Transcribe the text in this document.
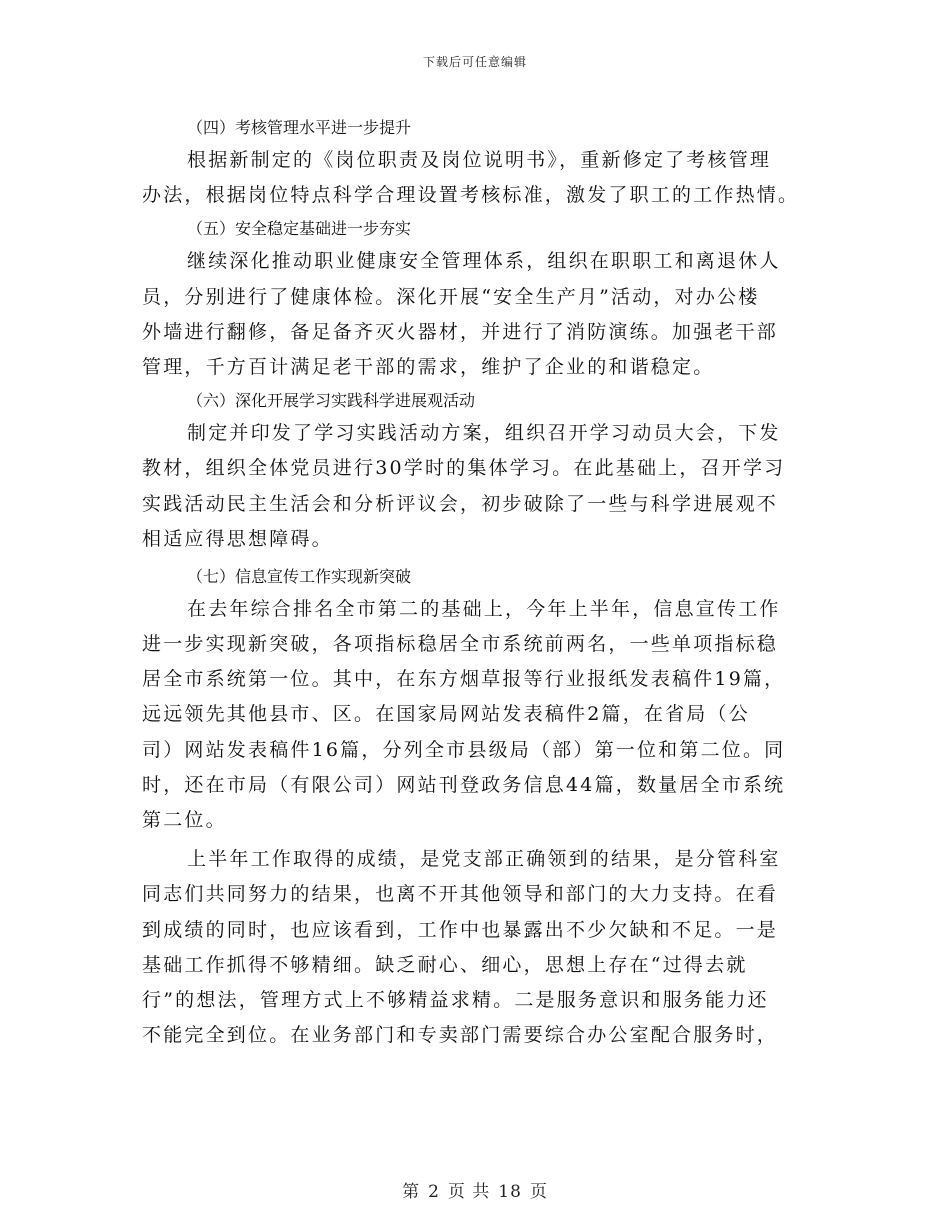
下载后可任意编辑
（四）考核管理水平进一步提升
根据新制定的《岗位职责及岗位说明书》，重新修定了考核管理
办法，根据岗位特点科学合理设置考核标准，激发了职工的工作热情。
（五）安全稳定基础进一步夯实
继续深化推动职业健康安全管理体系，组织在职职工和离退休人
员，分别进行了健康体检。深化开展“安全生产月”活动，对办公楼
外墙进行翻修，备足备齐灭火器材，并进行了消防演练。加强老干部
管理，千方百计满足老干部的需求，维护了企业的和谐稳定。
（六）深化开展学习实践科学进展观活动
制定并印发了学习实践活动方案，组织召开学习动员大会，下发
教材，组织全体党员进行30学时的集体学习。在此基础上，召开学习
实践活动民主生活会和分析评议会，初步破除了一些与科学进展观不
相适应得思想障碍。
（七）信息宣传工作实现新突破
在去年综合排名全市第二的基础上，今年上半年，信息宣传工作
进一步实现新突破，各项指标稳居全市系统前两名，一些单项指标稳
居全市系统第一位。其中，在东方烟草报等行业报纸发表稿件19篇，
远远领先其他县市、区。在国家局网站发表稿件2篇，在省局（公
司）网站发表稿件16篇，分列全市县级局（部）第一位和第二位。同
时，还在市局（有限公司）网站刊登政务信息44篇，数量居全市系统
第二位。
上半年工作取得的成绩，是党支部正确领到的结果，是分管科室
同志们共同努力的结果，也离不开其他领导和部门的大力支持。在看
到成绩的同时，也应该看到，工作中也暴露出不少欠缺和不足。一是
基础工作抓得不够精细。缺乏耐心、细心，思想上存在“过得去就
行”的想法，管理方式上不够精益求精。二是服务意识和服务能力还
不能完全到位。在业务部门和专卖部门需要综合办公室配合服务时，
第 2 页 共 18 页
